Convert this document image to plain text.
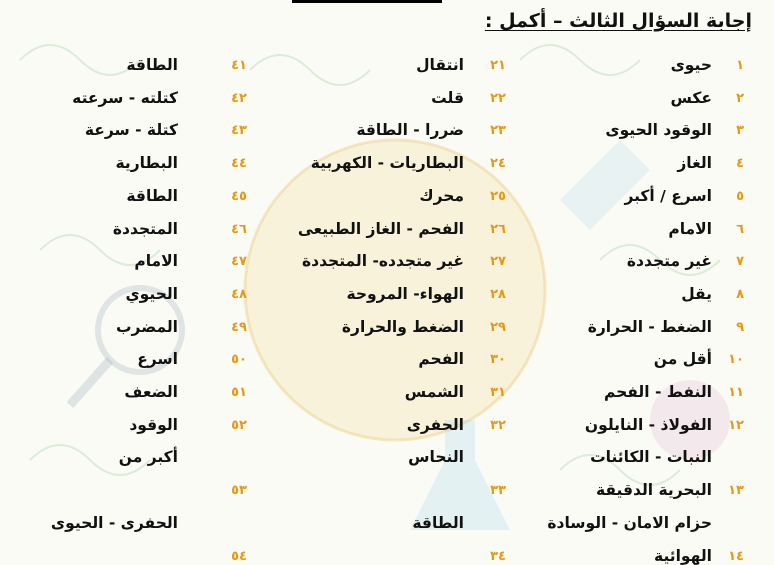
إجابة السؤال الثالث – أكمل :
١
حيوى
٢
عكس
٣
الوقود الحيوى
٤
الغاز
٥
اسرع / أكبر
٦
الامام
٧
غير متجددة
٨
يقل
٩
الضغط - الحرارة
١٠
أقل من
١١
النفط - الفحم
١٢
الفولاذ - النايلون
النبات - الكائنات
١٣
البحرية الدقيقة
حزام الامان - الوسادة
١٤
الهوائية
٢١
انتقال
٢٢
قلت
٢٣
ضررا - الطاقة
٢٤
البطاريات - الكهربية
٢٥
محرك
٢٦
الفحم - الغاز الطبيعى
٢٧
غير متجدده- المتجددة
٢٨
الهواء- المروحة
٢٩
الضغط والحرارة
٣٠
الفحم
٣١
الشمس
٣٢
الحفرى
النحاس
٣٣
الطاقة
٣٤
٤١
الطاقة
٤٢
كتلته - سرعته
٤٣
كتلة - سرعة
٤٤
البطارية
٤٥
الطاقة
٤٦
المتجددة
٤٧
الامام
٤٨
الحيوي
٤٩
المضرب
٥٠
اسرع
٥١
الضعف
٥٢
الوقود
أكبر من
٥٣
الحفرى - الحيوى
٥٤
